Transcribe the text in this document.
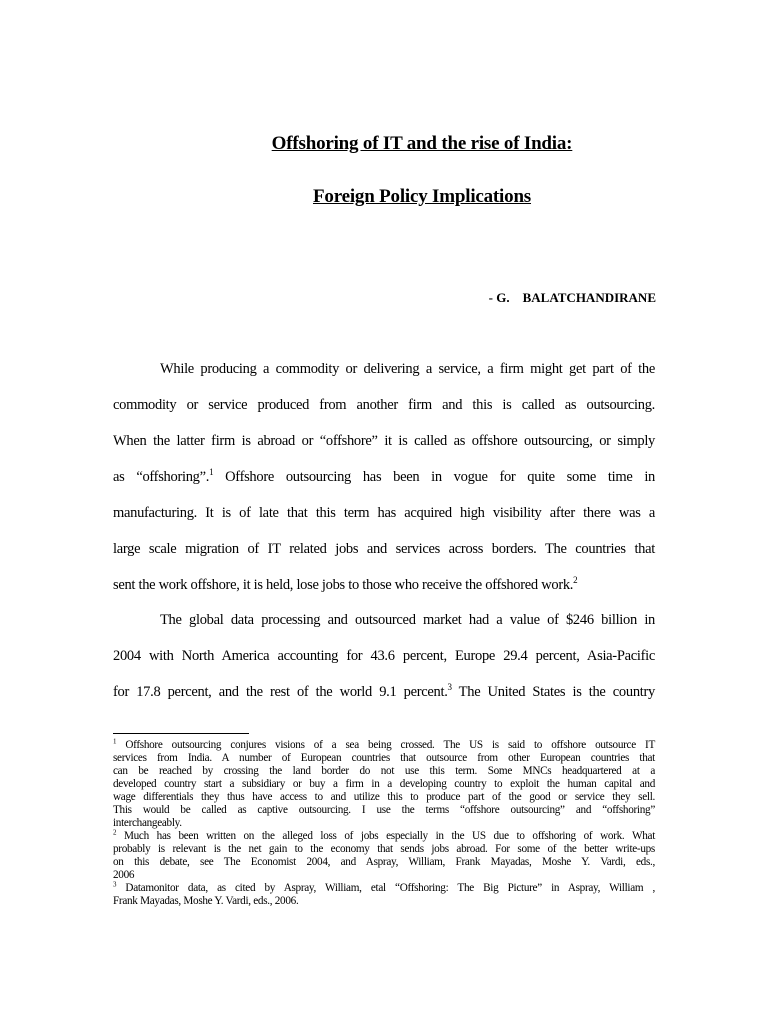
Offshoring of IT and the rise of India:
Foreign Policy Implications
- G.    BALATCHANDIRANE
While producing a commodity or delivering a service, a firm might get part of the
commodity or service produced from another firm and this is called as outsourcing.
When the latter firm is abroad or “offshore” it is called as offshore outsourcing, or simply
as “offshoring”.$^1$ Offshore outsourcing has been in vogue for quite some time in
manufacturing. It is of late that this term has acquired high visibility after there was a
large scale migration of IT related jobs and services across borders. The countries that
sent the work offshore, it is held, lose jobs to those who receive the offshored work.$^2$
The global data processing and outsourced market had a value of $246 billion in
2004 with North America accounting for 43.6 percent, Europe 29.4 percent, Asia-Pacific
for 17.8 percent, and the rest of the world 9.1 percent.$^3$ The United States is the country
$^1$ Offshore outsourcing conjures visions of a sea being crossed. The US is said to offshore outsource IT
services from India. A number of European countries that outsource from other European countries that
can be reached by crossing the land border do not use this term. Some MNCs headquartered at a
developed country start a subsidiary or buy a firm in a developing country to exploit the human capital and
wage differentials they thus have access to and utilize this to produce part of the good or service they sell.
This would be called as captive outsourcing. I use the terms “offshore outsourcing” and “offshoring”
interchangeably.
$^2$ Much has been written on the alleged loss of jobs especially in the US due to offshoring of work. What
probably is relevant is the net gain to the economy that sends jobs abroad. For some of the better write-ups
on this debate, see The Economist 2004, and Aspray, William, Frank Mayadas, Moshe Y. Vardi, eds.,
2006
$^3$ Datamonitor data, as cited by Aspray, William, etal “Offshoring: The Big Picture” in Aspray, William ,
Frank Mayadas, Moshe Y. Vardi, eds., 2006.
